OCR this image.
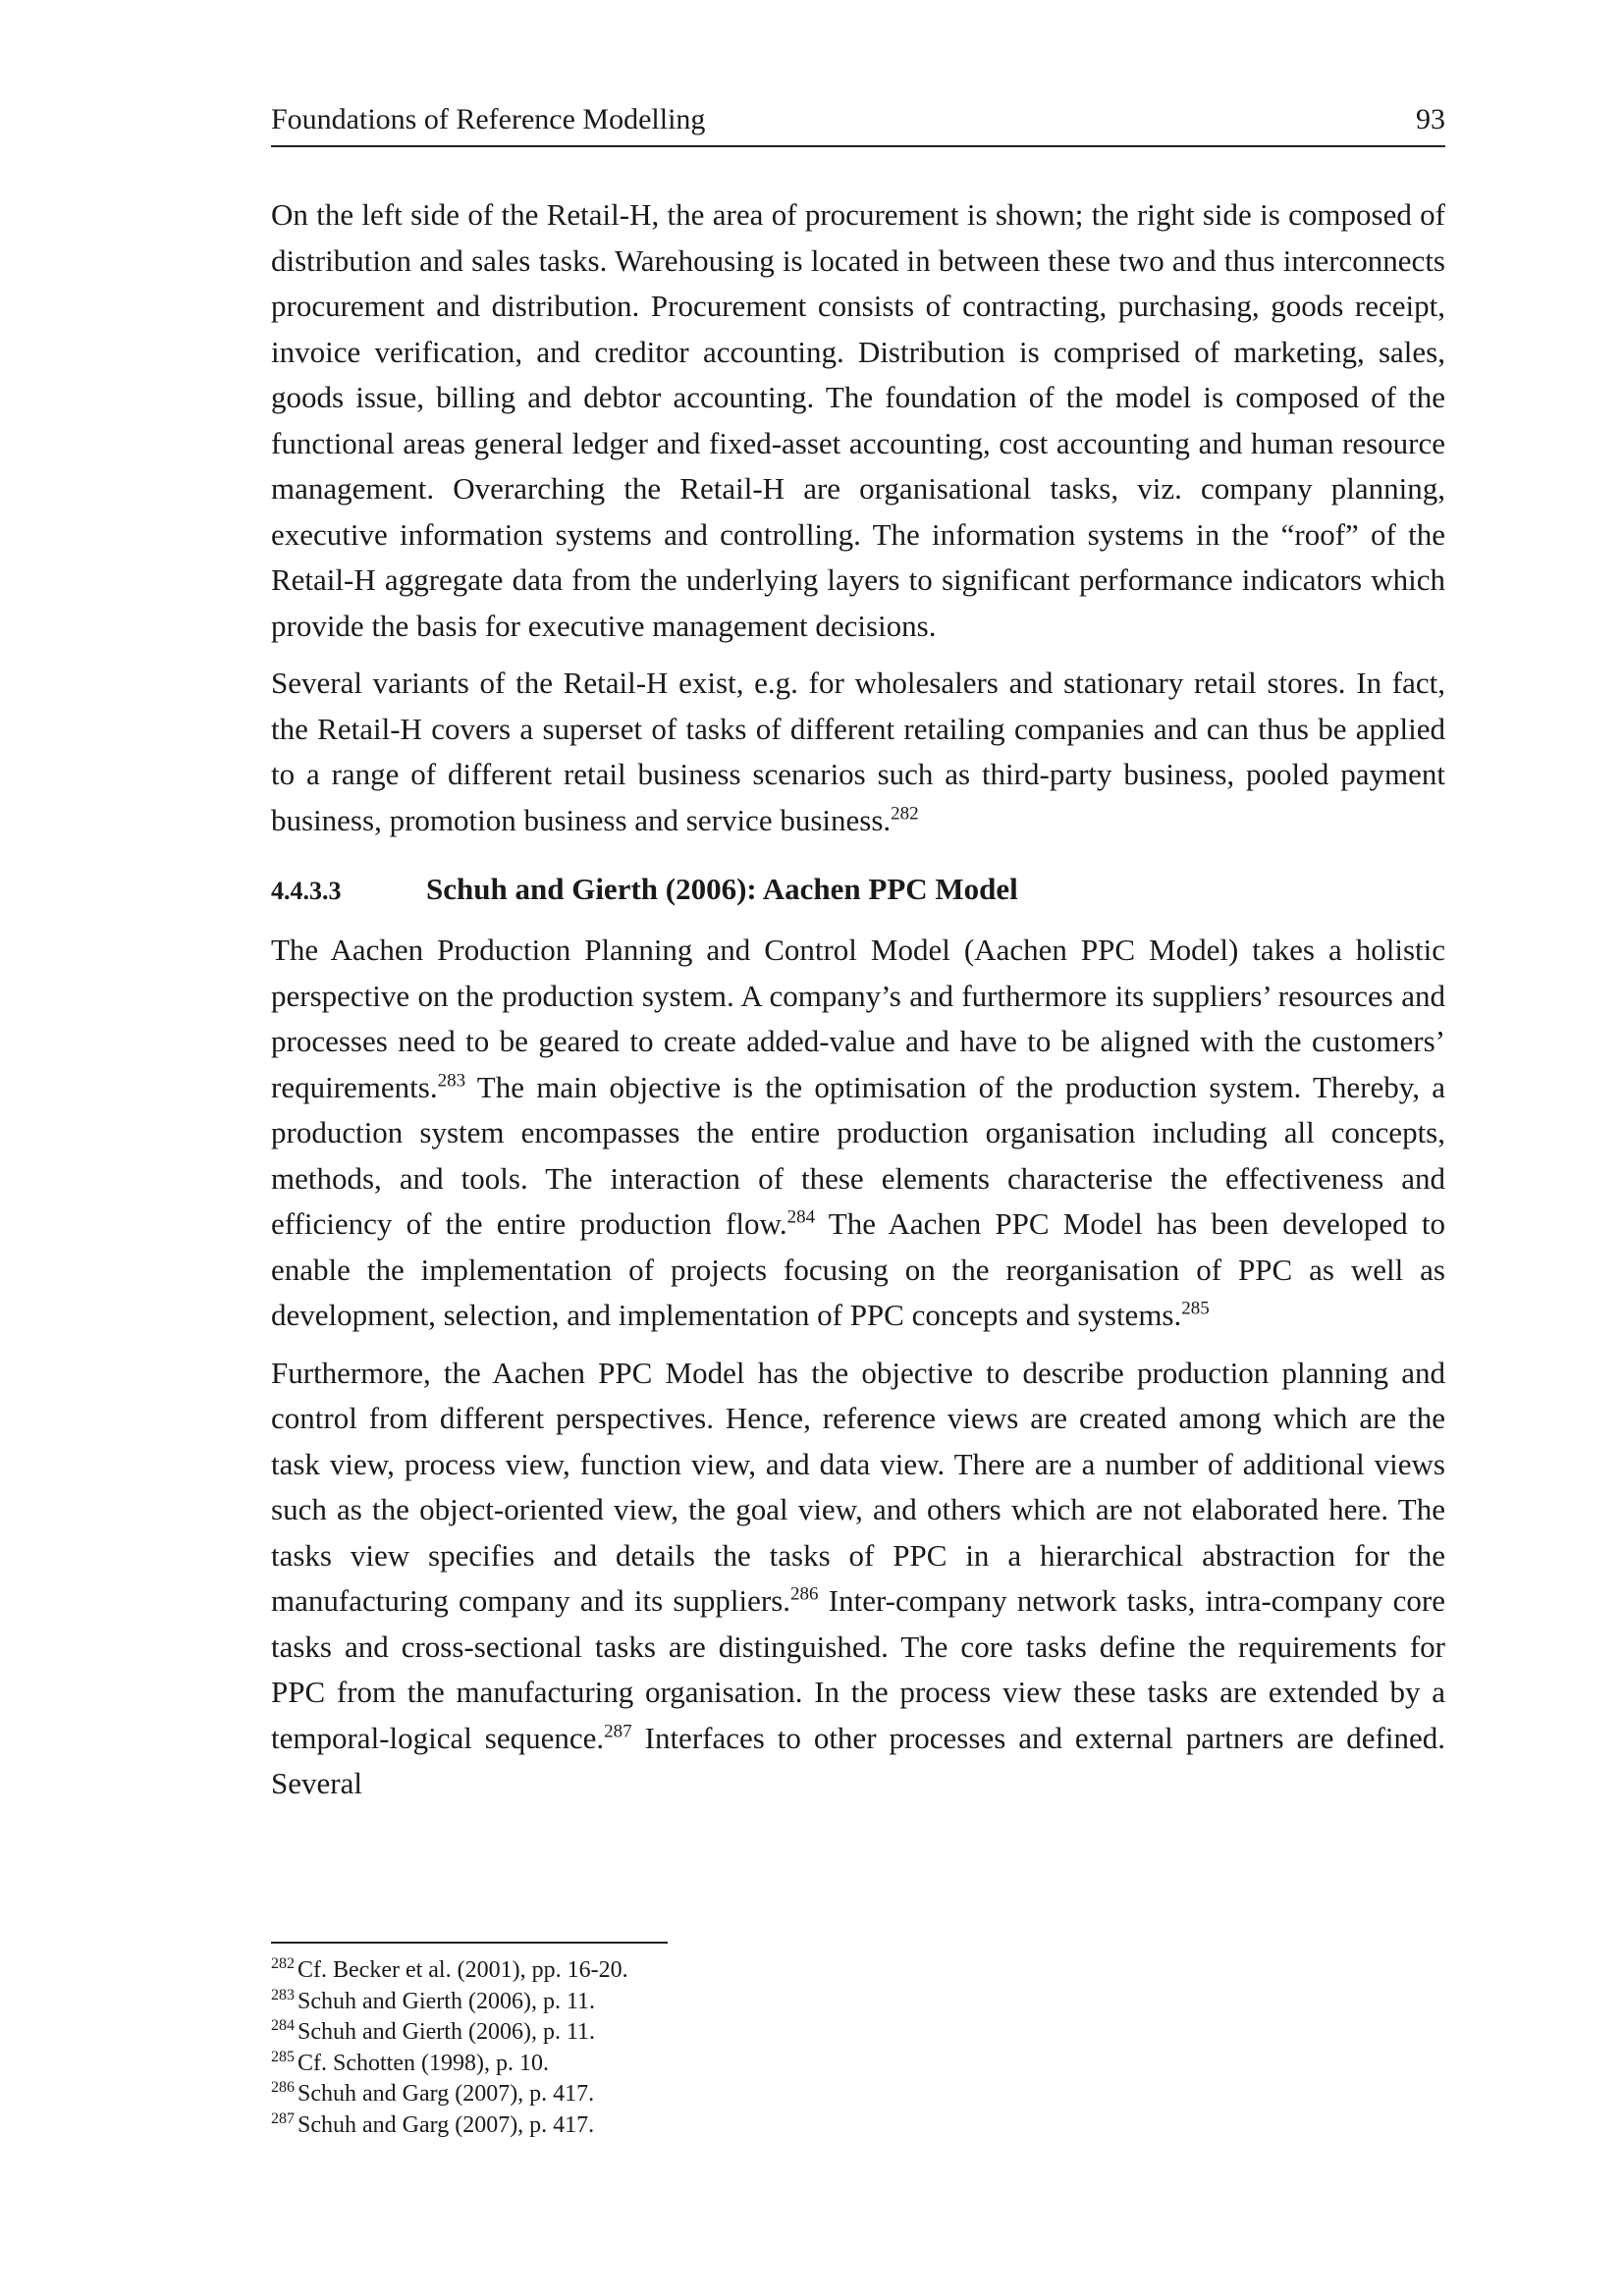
Foundations of Reference Modelling	93

On the left side of the Retail-H, the area of procurement is shown; the right side is composed of distribution and sales tasks. Warehousing is located in between these two and thus interconnects procurement and distribution. Procurement consists of contracting, purchasing, goods receipt, invoice verification, and creditor accounting. Distribution is comprised of marketing, sales, goods issue, billing and debtor accounting. The foundation of the model is composed of the functional areas general ledger and fixed-asset accounting, cost accounting and human resource management. Overarching the Retail-H are organisational tasks, viz. company planning, executive information systems and controlling. The information systems in the “roof” of the Retail-H aggregate data from the underlying layers to significant performance indicators which provide the basis for executive management decisions.

Several variants of the Retail-H exist, e.g. for wholesalers and stationary retail stores. In fact, the Retail-H covers a superset of tasks of different retailing companies and can thus be applied to a range of different retail business scenarios such as third-party business, pooled payment business, promotion business and service business.$^{282}$

4.4.3.3	Schuh and Gierth (2006): Aachen PPC Model

The Aachen Production Planning and Control Model (Aachen PPC Model) takes a holistic perspective on the production system. A company’s and furthermore its suppliers’ resources and processes need to be geared to create added-value and have to be aligned with the customers’ requirements.$^{283}$ The main objective is the optimisation of the production system. Thereby, a production system encompasses the entire production organisation including all concepts, methods, and tools. The interaction of these elements characterise the effectiveness and efficiency of the entire production flow.$^{284}$ The Aachen PPC Model has been developed to enable the implementation of projects focusing on the reorganisation of PPC as well as development, selection, and implementation of PPC concepts and systems.$^{285}$

Furthermore, the Aachen PPC Model has the objective to describe production planning and control from different perspectives. Hence, reference views are created among which are the task view, process view, function view, and data view. There are a number of additional views such as the object-oriented view, the goal view, and others which are not elaborated here. The tasks view specifies and details the tasks of PPC in a hierarchical abstraction for the manufacturing company and its suppliers.$^{286}$ Inter-company network tasks, intra-company core tasks and cross-sectional tasks are distinguished. The core tasks define the requirements for PPC from the manufacturing organisation. In the process view these tasks are extended by a temporal-logical sequence.$^{287}$ Interfaces to other processes and external partners are defined. Several

$^{282}$ Cf. Becker et al. (2001), pp. 16-20.
$^{283}$ Schuh and Gierth (2006), p. 11.
$^{284}$ Schuh and Gierth (2006), p. 11.
$^{285}$ Cf. Schotten (1998), p. 10.
$^{286}$ Schuh and Garg (2007), p. 417.
$^{287}$ Schuh and Garg (2007), p. 417.
